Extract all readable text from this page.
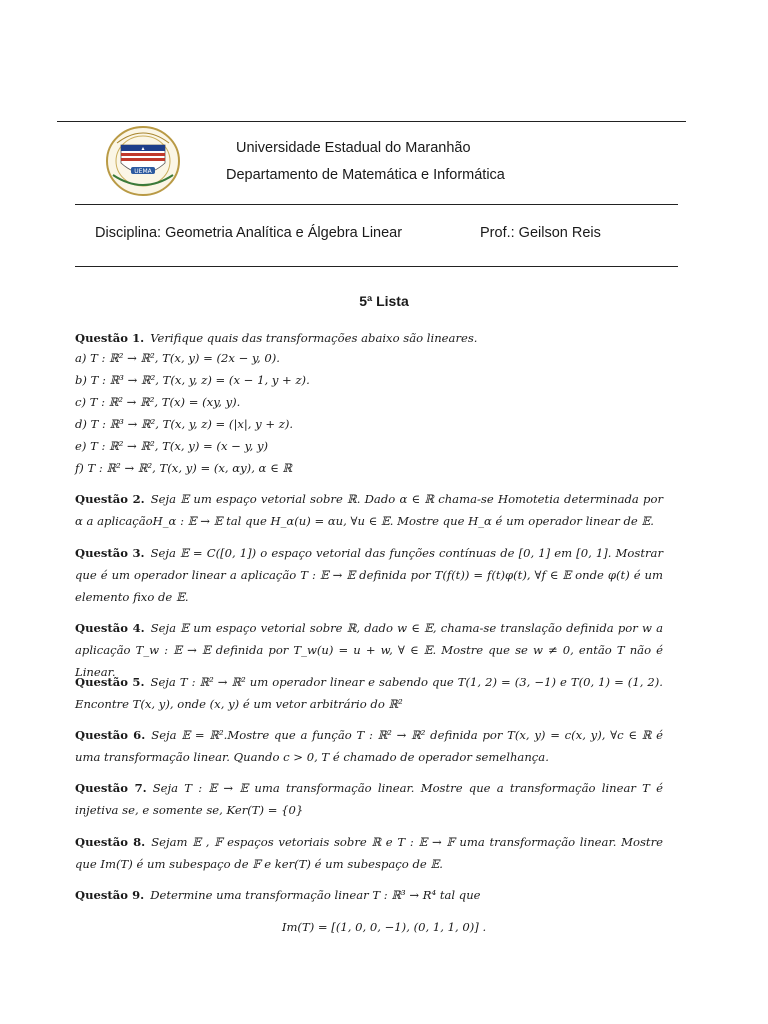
UEMA
Universidade Estadual do Maranhão
Departamento de Matemática e Informática
Disciplina: Geometria Analítica e Álgebra Linear	Prof.: Geilson Reis
5ª Lista
Questão 1. Verifique quais das transformações abaixo são lineares.
a) T : ℝ² → ℝ², T(x, y) = (2x − y, 0).
b) T : ℝ³ → ℝ², T(x, y, z) = (x − 1, y + z).
c) T : ℝ² → ℝ², T(x) = (xy, y).
d) T : ℝ³ → ℝ², T(x, y, z) = (|x|, y + z).
e) T : ℝ² → ℝ², T(x, y) = (x − y, y)
f) T : ℝ² → ℝ², T(x, y) = (x, αy), α ∈ ℝ
Questão 2. Seja 𝔼 um espaço vetorial sobre ℝ. Dado α ∈ ℝ chama-se Homotetia determinada por α a aplicaçãoH_α : 𝔼 → 𝔼 tal que H_α(u) = αu, ∀u ∈ 𝔼. Mostre que H_α é um operador linear de 𝔼.
Questão 3. Seja 𝔼 = C([0, 1]) o espaço vetorial das funções contínuas de [0, 1] em [0, 1]. Mostrar que é um operador linear a aplicação T : 𝔼 → 𝔼 definida por T(f(t)) = f(t)φ(t), ∀f ∈ 𝔼 onde φ(t) é um elemento fixo de 𝔼.
Questão 4. Seja 𝔼 um espaço vetorial sobre ℝ, dado w ∈ 𝔼, chama-se translação definida por w a aplicação T_w : 𝔼 → 𝔼 definida por T_w(u) = u + w, ∀ ∈ 𝔼. Mostre que se w ≠ 0, então T não é Linear.
Questão 5. Seja T : ℝ² → ℝ² um operador linear e sabendo que T(1, 2) = (3, −1) e T(0, 1) = (1, 2). Encontre T(x, y), onde (x, y) é um vetor arbitrário do ℝ²
Questão 6. Seja 𝔼 = ℝ².Mostre que a função T : ℝ² → ℝ² definida por T(x, y) = c(x, y), ∀c ∈ ℝ é uma transformação linear. Quando c > 0, T é chamado de operador semelhança.
Questão 7. Seja T : 𝔼 → 𝔼 uma transformação linear. Mostre que a transformação linear T é injetiva se, e somente se, Ker(T) = {0}
Questão 8. Sejam 𝔼 , 𝔽 espaços vetoriais sobre ℝ e T : 𝔼 → 𝔽 uma transformação linear. Mostre que Im(T) é um subespaço de 𝔽 e ker(T) é um subespaço de 𝔼.
Questão 9. Determine uma transformação linear T : ℝ³ → R⁴ tal que
Im(T) = [(1, 0, 0, −1), (0, 1, 1, 0)] .
